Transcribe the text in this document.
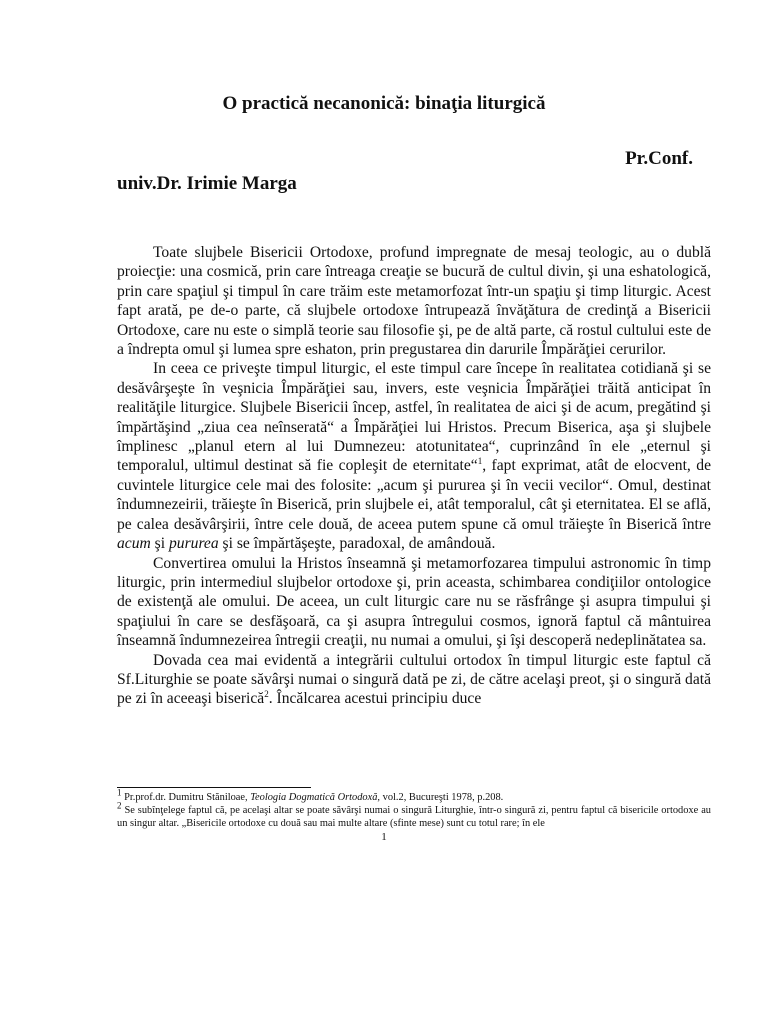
O practică necanonică: binaţia liturgică
Pr.Conf.
univ.Dr. Irimie Marga

Toate slujbele Bisericii Ortodoxe, profund impregnate de mesaj teologic, au o dublă proiecţie: una cosmică, prin care întreaga creaţie se bucură de cultul divin, şi una eshatologică, prin care spaţiul şi timpul în care trăim este metamorfozat într-un spaţiu şi timp liturgic. Acest fapt arată, pe de-o parte, că slujbele ortodoxe întrupează învăţătura de credinţă a Bisericii Ortodoxe, care nu este o simplă teorie sau filosofie şi, pe de altă parte, că rostul cultului este de a îndrepta omul şi lumea spre eshaton, prin pregustarea din darurile Împărăţiei cerurilor.

In ceea ce priveşte timpul liturgic, el este timpul care începe în realitatea cotidiană şi se desăvârşeşte în veşnicia Împărăţiei sau, invers, este veşnicia Împărăţiei trăită anticipat în realităţile liturgice. Slujbele Bisericii încep, astfel, în realitatea de aici şi de acum, pregătind şi împărtăşind „ziua cea neînserată“ a Împărăţiei lui Hristos. Precum Biserica, aşa şi slujbele împlinesc „planul etern al lui Dumnezeu: atotunitatea“, cuprinzând în ele „eternul şi temporalul, ultimul destinat să fie copleşit de eternitate“$^1$, fapt exprimat, atât de elocvent, de cuvintele liturgice cele mai des folosite: „acum şi pururea şi în vecii vecilor“. Omul, destinat îndumnezeirii, trăieşte în Biserică, prin slujbele ei, atât temporalul, cât şi eternitatea. El se află, pe calea desăvârşirii, între cele două, de aceea putem spune că omul trăieşte în Biserică între acum şi pururea şi se împărtăşeşte, paradoxal, de amândouă.

Convertirea omului la Hristos înseamnă şi metamorfozarea timpului astronomic în timp liturgic, prin intermediul slujbelor ortodoxe şi, prin aceasta, schimbarea condiţiilor ontologice de existenţă ale omului. De aceea, un cult liturgic care nu se răsfrânge şi asupra timpului şi spaţiului în care se desfăşoară, ca şi asupra întregului cosmos, ignoră faptul că mântuirea înseamnă îndumnezeirea întregii creaţii, nu numai a omului, şi îşi descoperă nedeplinătatea sa.

Dovada cea mai evidentă a integrării cultului ortodox în timpul liturgic este faptul că Sf.Liturghie se poate săvârşi numai o singură dată pe zi, de către acelaşi preot, şi o singură dată pe zi în aceeaşi biserică$^2$. Încălcarea acestui principiu duce

$^1$ Pr.prof.dr. Dumitru Stăniloae, Teologia Dogmatică Ortodoxă, vol.2, Bucureşti 1978, p.208.

$^2$ Se subînţelege faptul că, pe acelaşi altar se poate săvârşi numai o singură Liturghie, într-o singură zi, pentru faptul că bisericile ortodoxe au un singur altar. „Bisericile ortodoxe cu două sau mai multe altare (sfinte mese) sunt cu totul rare; în ele

1
